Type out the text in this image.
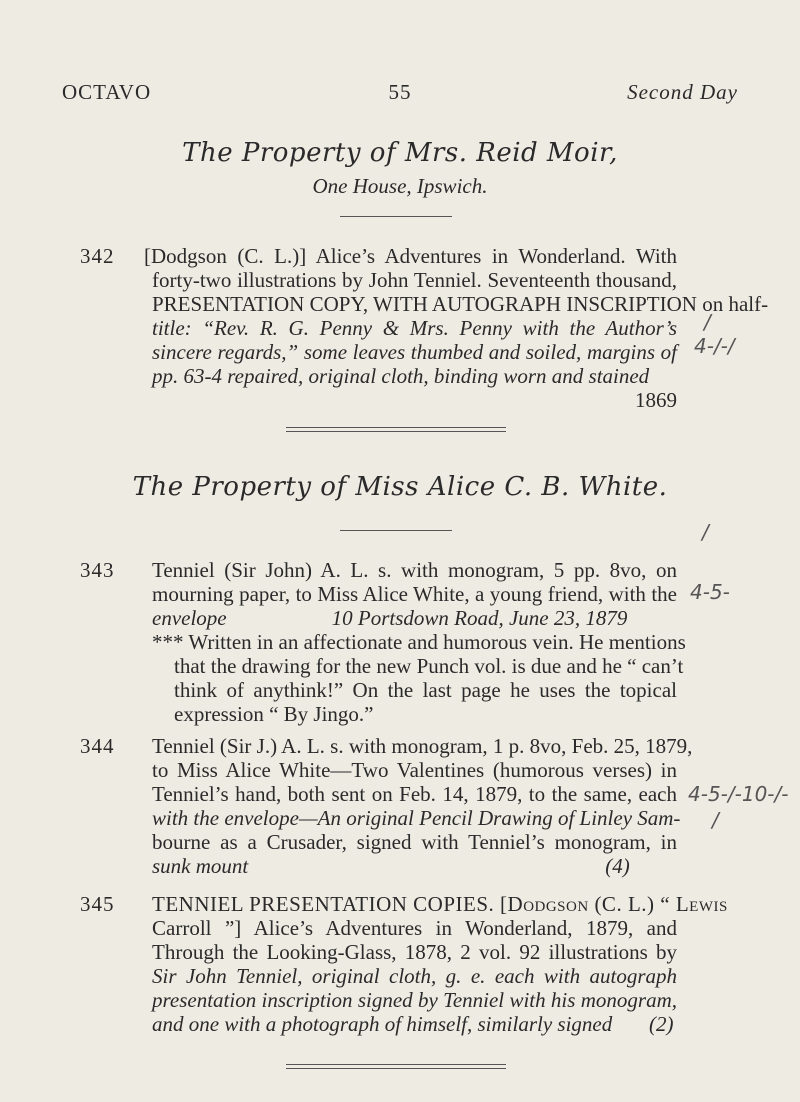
OCTAVO	55	Second Day
The Property of Mrs. Reid Moir,
One House, Ipswich.
342 [Dodgson (C. L.)] Alice’s Adventures in Wonderland. With
forty-two illustrations by John Tenniel. Seventeenth thousand,
PRESENTATION COPY, WITH AUTOGRAPH INSCRIPTION on half-
title: “Rev. R. G. Penny & Mrs. Penny with the Author’s
sincere regards,” some leaves thumbed and soiled, margins of
pp. 63-4 repaired, original cloth, binding worn and stained
1869
The Property of Miss Alice C. B. White.
343 Tenniel (Sir John) A. L. s. with monogram, 5 pp. 8vo, on
mourning paper, to Miss Alice White, a young friend, with the
envelope                    10 Portsdown Road, June 23, 1879
*** Written in an affectionate and humorous vein. He mentions
that the drawing for the new Punch vol. is due and he “ can’t
think of anythink!” On the last page he uses the topical
expression “ By Jingo.”
344 Tenniel (Sir J.) A. L. s. with monogram, 1 p. 8vo, Feb. 25, 1879,
to Miss Alice White—Two Valentines (humorous verses) in
Tenniel’s hand, both sent on Feb. 14, 1879, to the same, each
with the envelope—An original Pencil Drawing of Linley Sam-
bourne as a Crusader, signed with Tenniel’s monogram, in
sunk mount                                                                    (4)
345 TENNIEL PRESENTATION COPIES. [Dodgson (C. L.) “ Lewis
Carroll ”] Alice’s Adventures in Wonderland, 1879, and
Through the Looking-Glass, 1878, 2 vol. 92 illustrations by
Sir John Tenniel, original cloth, g. e. each with autograph
presentation inscription signed by Tenniel with his monogram,
and one with a photograph of himself, similarly signed       (2)
/
4-/-/
/
4-5-
4-5-/-10-/-
/
